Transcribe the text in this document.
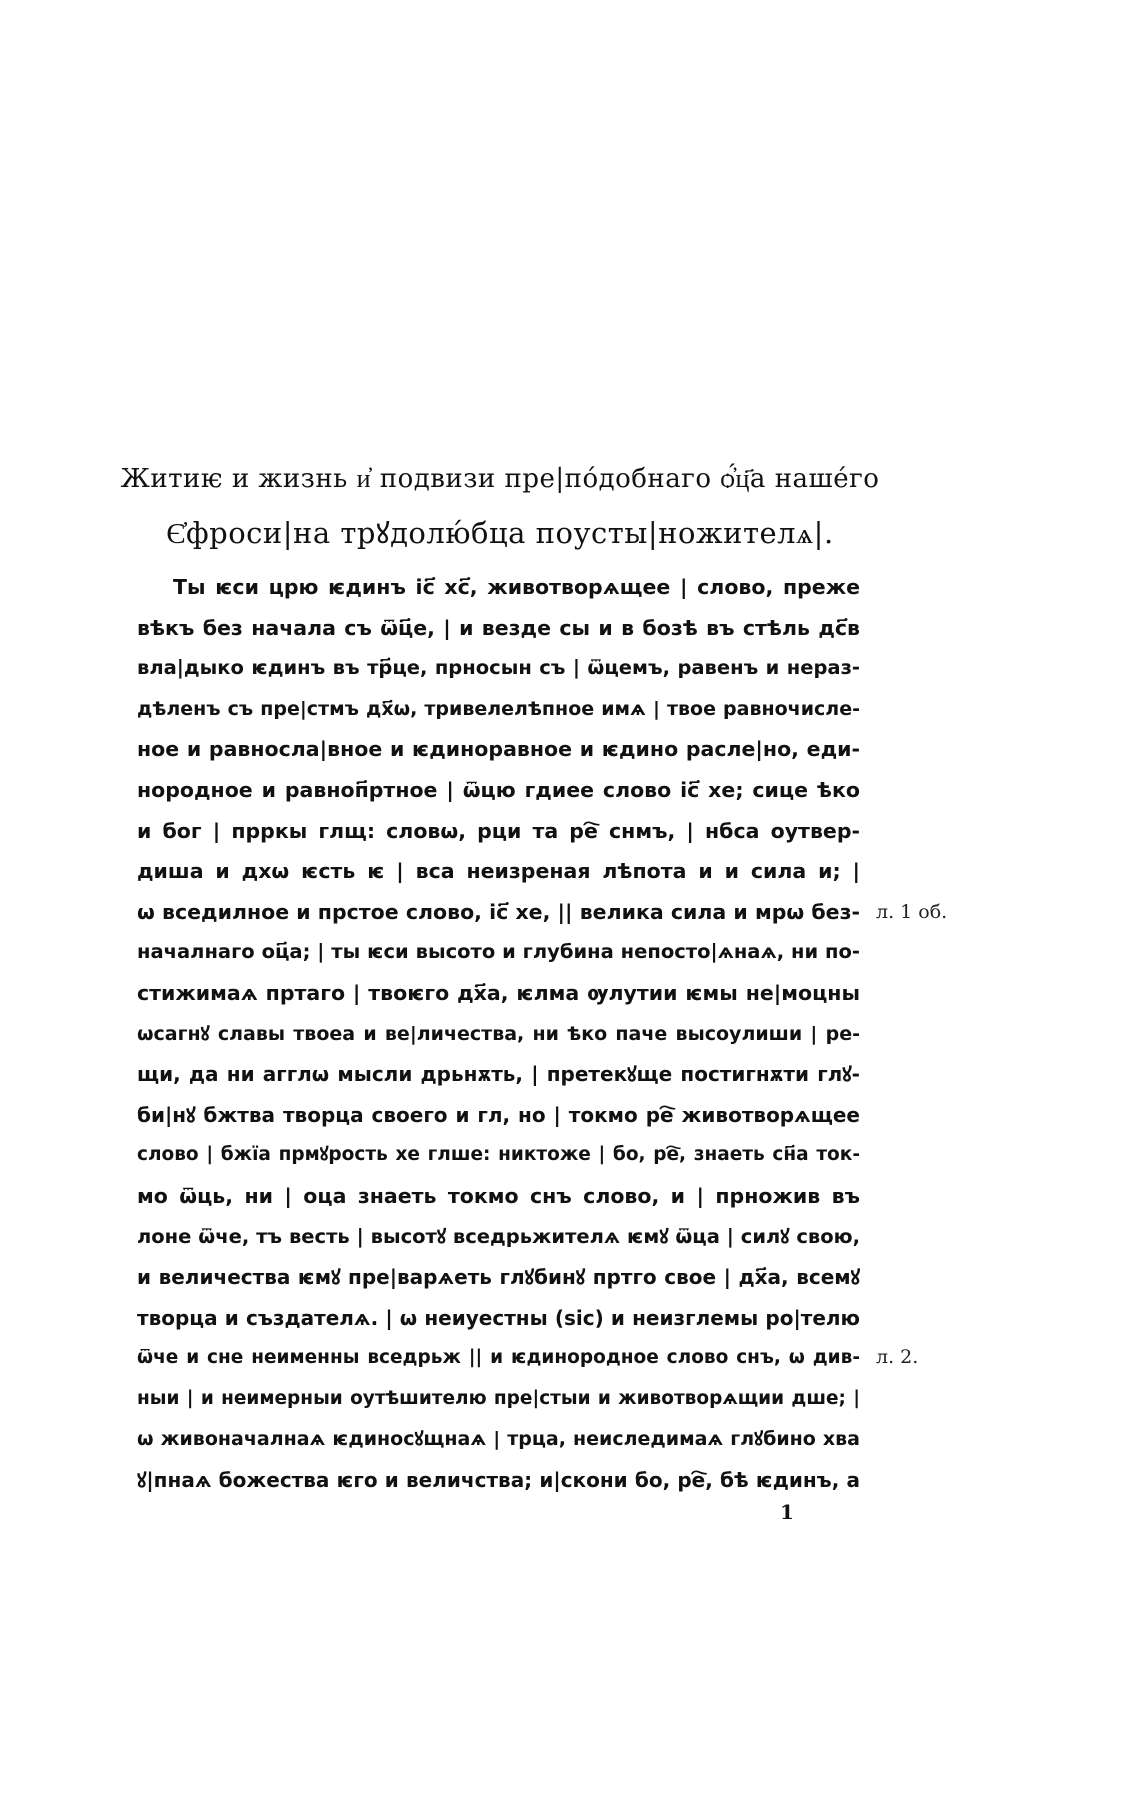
Житиѥ и жизнь и҆ подвизи пре|по́добнаго ѻ҆́ц҃а наше́го
Є҆фроси|на трꙋдолю́бца поусты|ножителѧ|.
Ты ѥси црю ѥдинъ іс҃ хс҃, животворѧщее | слово, преже
вѣкъ без начала съ ѿц҃е, | и везде сы и в бозѣ въ стѣль дс҃в
вла|дыко ѥдинъ въ тр҃це, прносын съ | ѿцемъ, равенъ и нераз-
дѣленъ съ пре|стмъ дх҃ѡ, тривелелѣпное имѧ | твое равночисле-
ное и равносла|вное и ѥдиноравное и ѥдино расле|но, еди-
нородное и равноп҃ртное | ѿцю гдиее слово іс҃ хе; сице ѣко
и бог | прркы глщ: словѡ, рци та ре҇ снмъ, | нбса оутвер-
диша и дхѡ ѥсть ѥ | вса неизреная лѣпота и и сила и; |
ѡ вседилное и прстое слово, іс҃ хе, || велика сила и мрѡ без-
началнаго оц҃а; | ты ѥси высото и глубина непосто|ѧнаѧ, ни по-
стижимаѧ пртаго | твоѥго дх҃а, ѥлма ѹлутии ѥмы не|моцны
ѡсагнꙋ славы твоеа и ве|личества, ни ѣко паче высоулиши | ре-
щи, да ни агглѡ мысли дрьнѫть, | претекꙋще постигнѫти глꙋ-
би|нꙋ бжтва творца своего и гл, но | токмо ре҇ животворѧщее
слово | бжїа прмꙋрость хе глше: никтоже | бо, ре҇, знаеть сн҃а ток-
мо ѿць, ни | оца знаеть токмо снъ слово, и | прножив въ
лоне ѿче, тъ весть | высотꙋ вседрьжителѧ ѥмꙋ ѿца | силꙋ свою,
и величества ѥмꙋ пре|варѧеть глꙋбинꙋ пртго свое | дх҃а, всемꙋ
творца и създателѧ. | ѡ неиуестны (sic) и неизглемы ро|телю
ѿче и сне неименны вседрьж || и ѥдинородное слово снъ, ѡ див-
ныи | и неимерныи оутѣшителю пре|стыи и животворѧщии дше; |
ѡ живоначалнаѧ ѥдиносꙋщнаѧ | трца, неиследимаѧ глꙋбино хва
ꙋ|пнаѧ божества ѥго и величства; и|скони бо, ре҇, бѣ ѥдинъ, а
л. 1 об.
л. 2.
1
